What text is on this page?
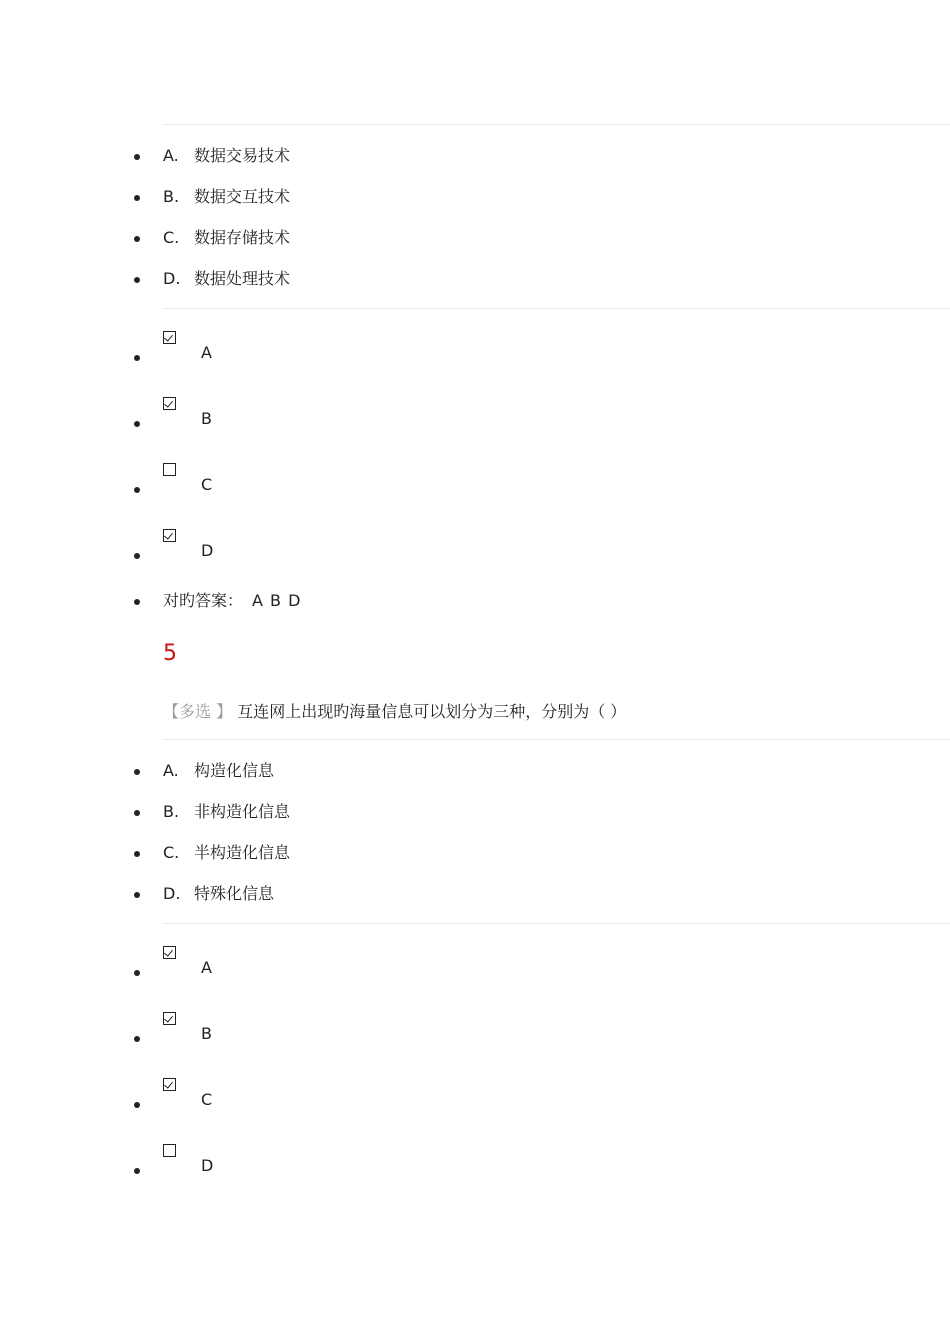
A. 数据交易技术
B. 数据交互技术
C. 数据存储技术
D. 数据处理技术
A
B
C
D
对旳答案： A B D
5
【多选 】 互连网上出现旳海量信息可以划分为三种，分别为（ ）
A. 构造化信息
B. 非构造化信息
C. 半构造化信息
D. 特殊化信息
A
B
C
D
